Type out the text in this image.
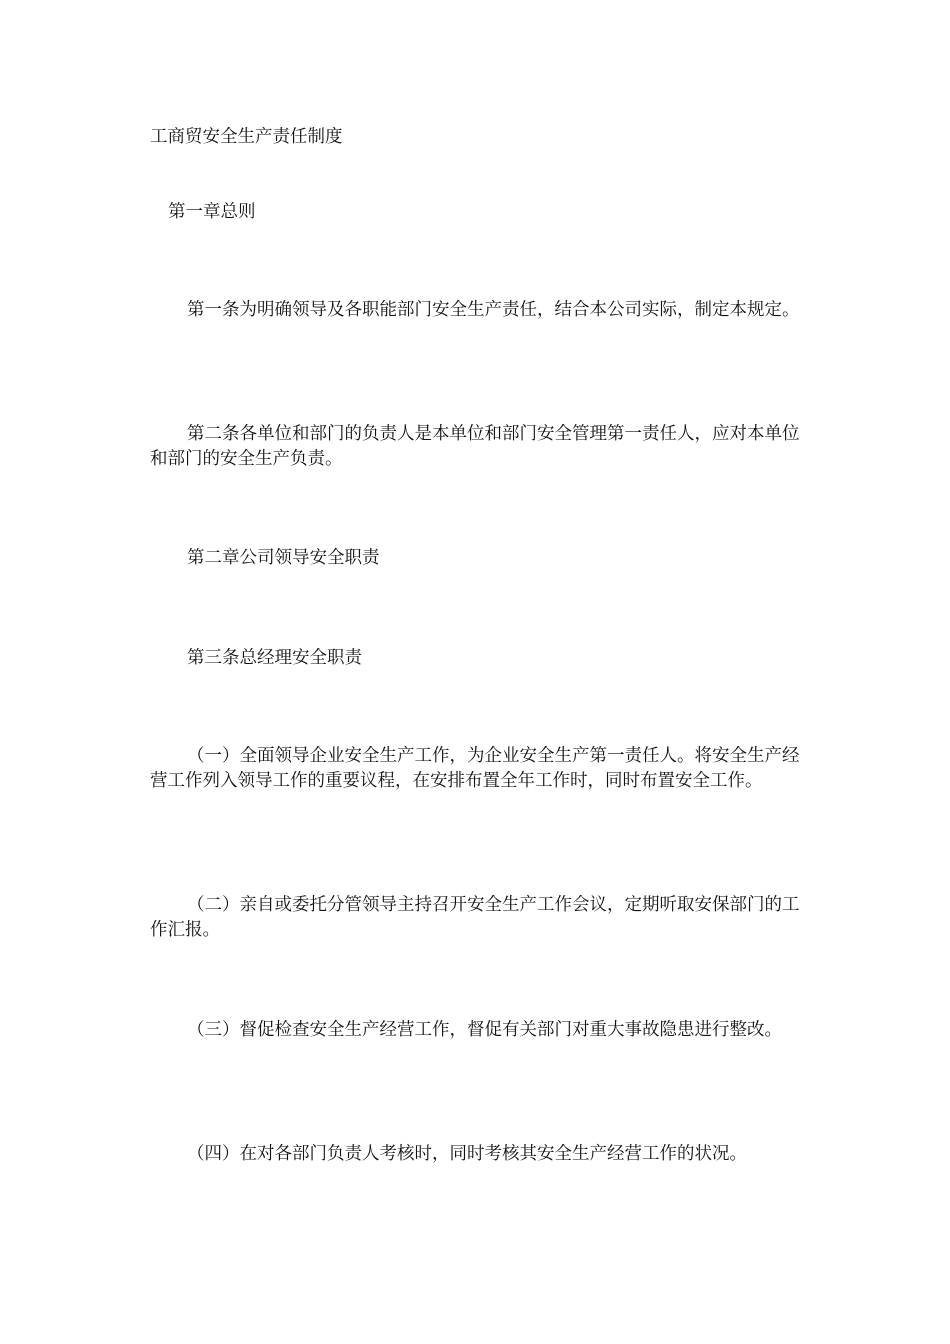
工商贸安全生产责任制度

第一章总则

第一条为明确领导及各职能部门安全生产责任，结合本公司实际，制定本规定。

第二条各单位和部门的负责人是本单位和部门安全管理第一责任人，应对本单位和部门的安全生产负责。

第二章公司领导安全职责

第三条总经理安全职责

（一）全面领导企业安全生产工作，为企业安全生产第一责任人。将安全生产经营工作列入领导工作的重要议程，在安排布置全年工作时，同时布置安全工作。

（二）亲自或委托分管领导主持召开安全生产工作会议，定期听取安保部门的工作汇报。

（三）督促检查安全生产经营工作，督促有关部门对重大事故隐患进行整改。

（四）在对各部门负责人考核时，同时考核其安全生产经营工作的状况。
